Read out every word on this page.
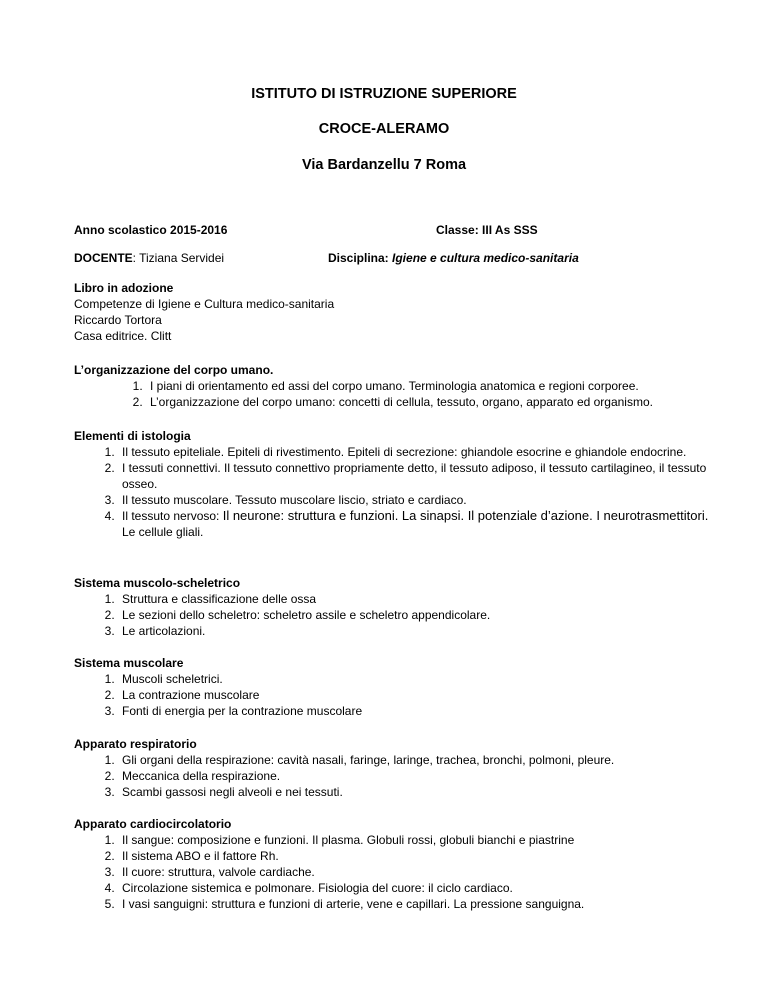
ISTITUTO DI ISTRUZIONE SUPERIORE
CROCE-ALERAMO
Via Bardanzellu 7 Roma
Anno scolastico 2015-2016	Classe: III As SSS
DOCENTE: Tiziana Servidei	Disciplina: Igiene e cultura medico-sanitaria
Libro in adozione
Competenze di Igiene e Cultura medico-sanitaria
Riccardo Tortora
Casa editrice. Clitt
L’organizzazione del corpo umano.
1. I piani di orientamento ed assi del corpo umano. Terminologia anatomica e regioni corporee.
2. L’organizzazione del corpo umano: concetti di cellula, tessuto, organo, apparato ed organismo.
Elementi di istologia
1. Il tessuto epiteliale. Epiteli di rivestimento. Epiteli di secrezione: ghiandole esocrine e ghiandole endocrine.
2. I tessuti connettivi. Il tessuto connettivo propriamente detto, il tessuto adiposo, il tessuto cartilagineo, il tessuto osseo.
3. Il tessuto muscolare. Tessuto muscolare liscio, striato e cardiaco.
4. Il tessuto nervoso: Il neurone: struttura e funzioni. La sinapsi. Il potenziale d’azione. I neurotrasmettitori. Le cellule gliali.
Sistema muscolo-scheletrico
1. Struttura e classificazione delle ossa
2. Le sezioni dello scheletro: scheletro assile e scheletro appendicolare.
3. Le articolazioni.
Sistema muscolare
1. Muscoli scheletrici.
2. La contrazione muscolare
3. Fonti di energia per la contrazione muscolare
Apparato respiratorio
1. Gli organi della respirazione: cavità nasali, faringe, laringe, trachea, bronchi, polmoni, pleure.
2. Meccanica della respirazione.
3. Scambi gassosi negli alveoli e nei tessuti.
Apparato cardiocircolatorio
1. Il sangue: composizione e funzioni. Il plasma. Globuli rossi, globuli bianchi e piastrine
2. Il sistema ABO e il fattore Rh.
3. Il cuore: struttura, valvole cardiache.
4. Circolazione sistemica e polmonare. Fisiologia del cuore: il ciclo cardiaco.
5. I vasi sanguigni: struttura e funzioni di arterie, vene e capillari. La pressione sanguigna.
